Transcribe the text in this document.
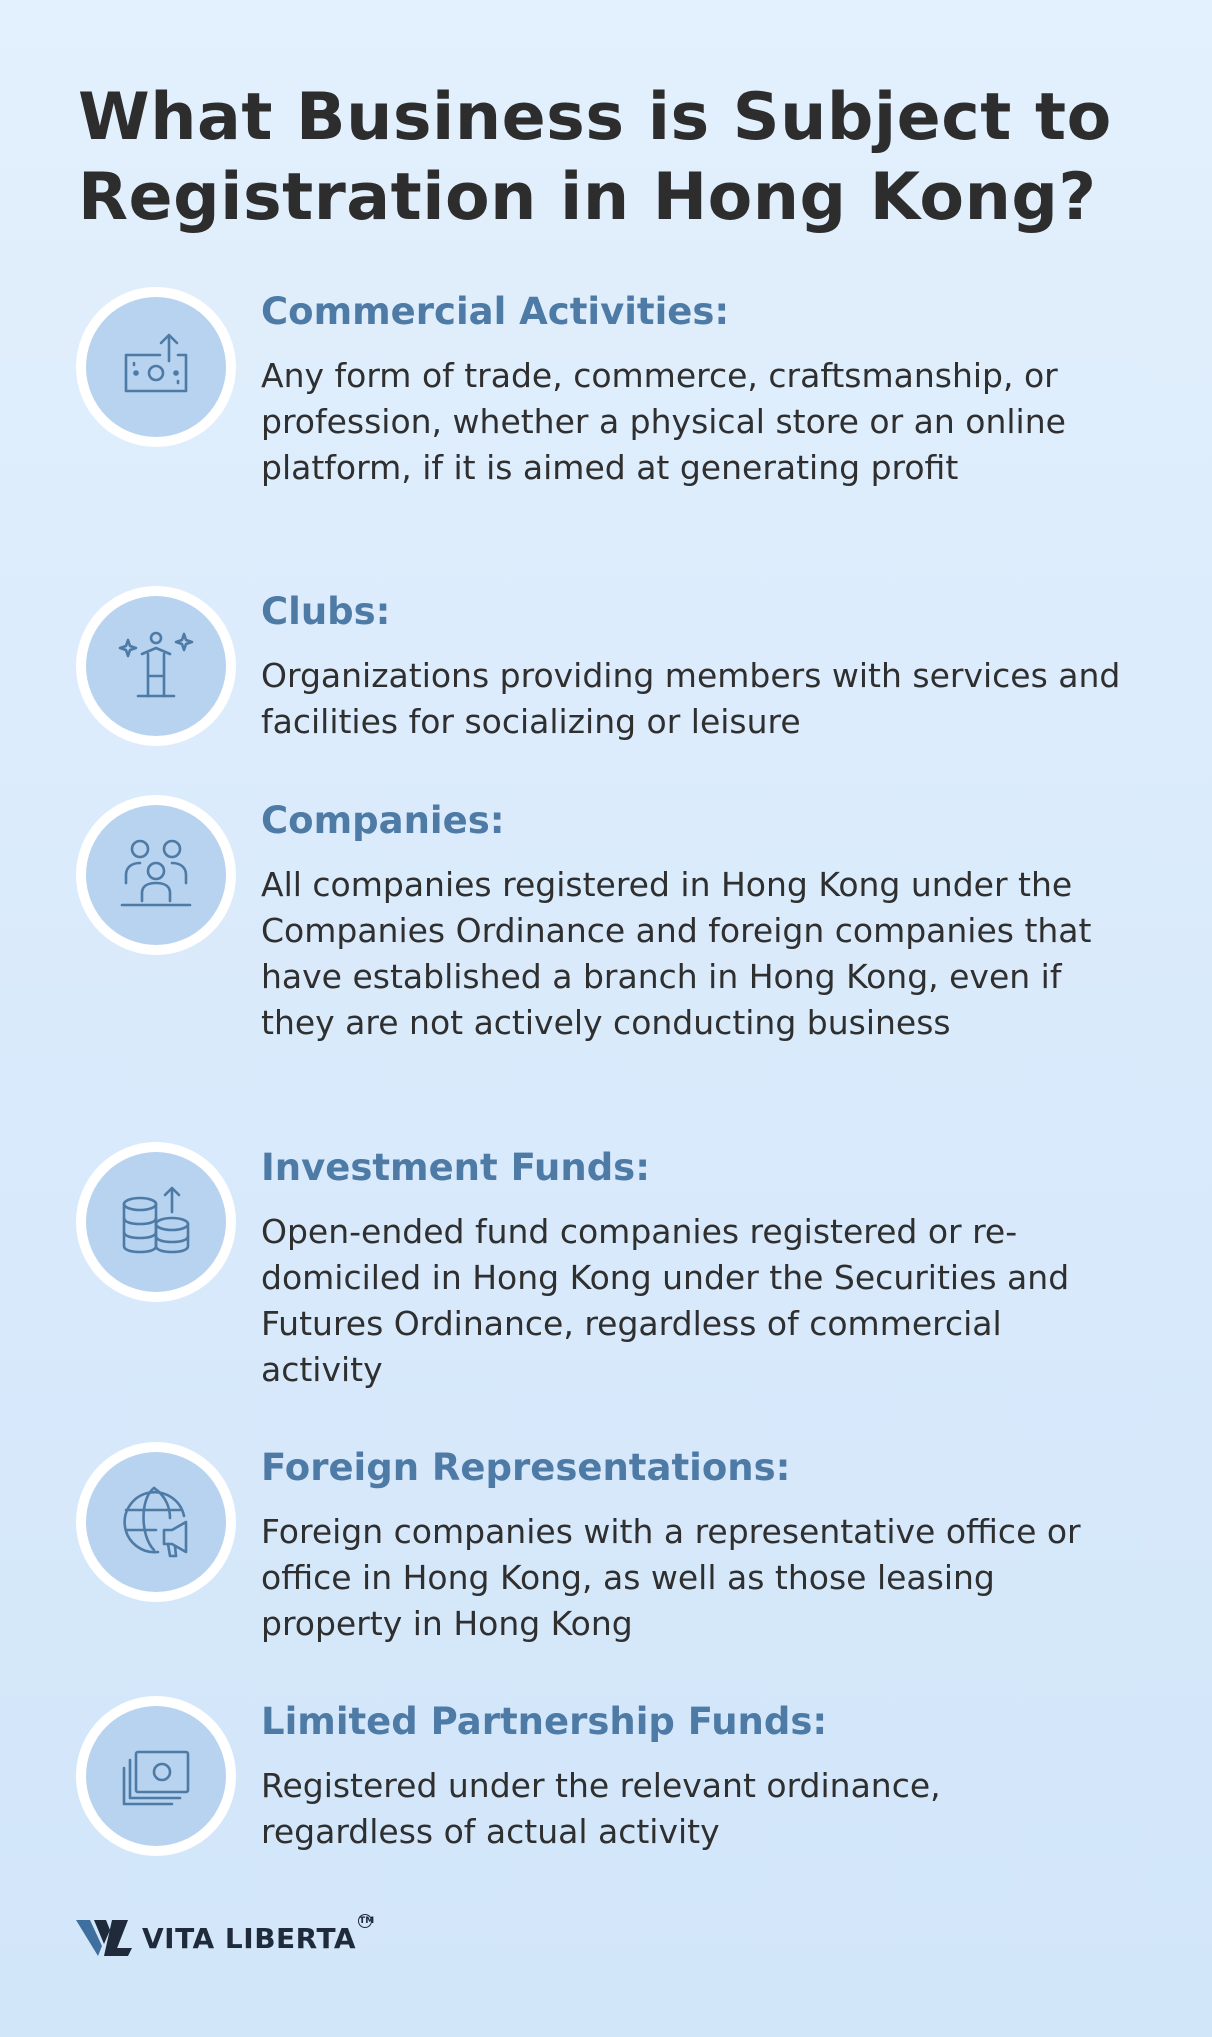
What Business is Subject to Registration in Hong Kong?
Commercial Activities:

Any form of trade, commerce, craftsmanship, or profession, whether a physical store or an online platform, if it is aimed at generating profit

Clubs:

Organizations providing members with services and facilities for socializing or leisure

Companies:

All companies registered in Hong Kong under the Companies Ordinance and foreign companies that have established a branch in Hong Kong, even if they are not actively conducting business

Investment Funds:

Open-ended fund companies registered or re-domiciled in Hong Kong under the Securities and Futures Ordinance, regardless of commercial activity

Foreign Representations:

Foreign companies with a representative office or office in Hong Kong, as well as those leasing property in Hong Kong

Limited Partnership Funds:

Registered under the relevant ordinance, regardless of actual activity

VITA LIBERTA
TM
